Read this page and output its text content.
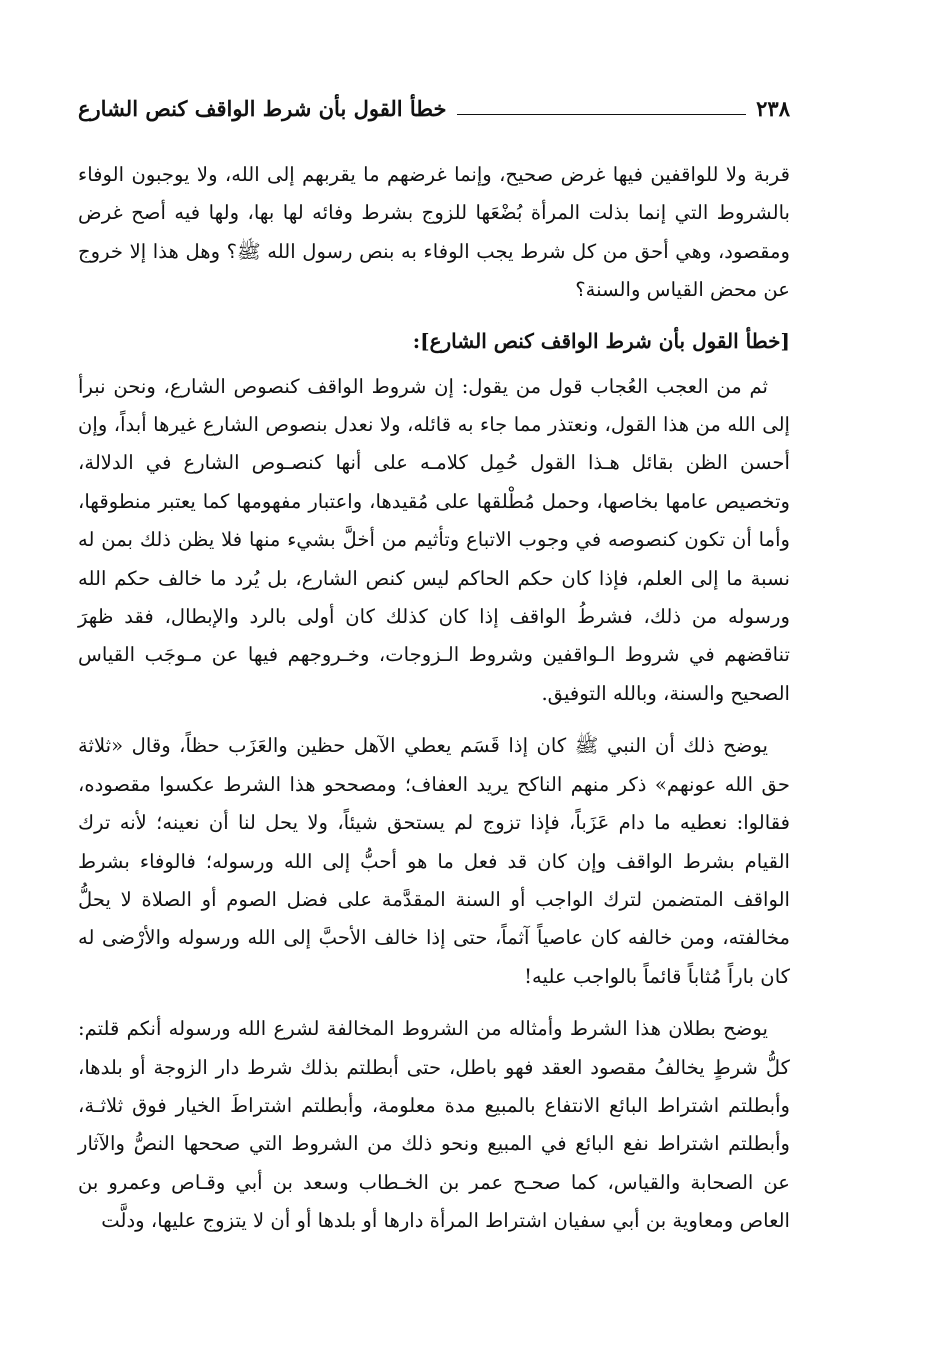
٢٣٨
خطأ القول بأن شرط الواقف كنص الشارع

قربة ولا للواقفين فيها غرض صحيح، وإنما غرضهم ما يقربهم إلى الله، ولا يوجبون الوفاء بالشروط التي إنما بذلت المرأة بُضْعَها للزوج بشرط وفائه لها بها، ولها فيه أصح غرض ومقصود، وهي أحق من كل شرط يجب الوفاء به بنص رسول الله ﷺ؟ وهل هذا إلا خروج عن محض القياس والسنة؟

[خطأ القول بأن شرط الواقف كنص الشارع]:

ثم من العجب العُجاب قول من يقول: إن شروط الواقف كنصوص الشارع، ونحن نبرأ إلى الله من هذا القول، ونعتذر مما جاء به قائله، ولا نعدل بنصوص الشارع غيرها أبداً، وإن أحسن الظن بقائل هـذا القول حُمِل كلامـه على أنها كنصـوص الشارع في الدلالة، وتخصيص عامها بخاصها، وحمل مُطْلقها على مُقيدها، واعتبار مفهومها كما يعتبر منطوقها، وأما أن تكون كنصوصه في وجوب الاتباع وتأثيم من أخلَّ بشيء منها فلا يظن ذلك بمن له نسبة ما إلى العلم، فإذا كان حكم الحاكم ليس كنص الشارع، بل يُرد ما خالف حكم الله ورسوله من ذلك، فشرطُ الواقف إذا كان كذلك كان أولى بالرد والإبطال، فقد ظهرَ تناقضهم في شروط الـواقفين وشروط الـزوجات، وخـروجهم فيها عن مـوجَب القياس الصحيح والسنة، وبالله التوفيق.

يوضح ذلك أن النبي ﷺ كان إذا قَسَم يعطي الآهل حظين والعَزَب حظاً، وقال «ثلاثة حق الله عونهم» ذكر منهم الناكح يريد العفاف؛ ومصححو هذا الشرط عكسوا مقصوده، فقالوا: نعطيه ما دام عَزَباً، فإذا تزوج لم يستحق شيئاً، ولا يحل لنا أن نعينه؛ لأنه ترك القيام بشرط الواقف وإن كان قد فعل ما هو أحبُّ إلى الله ورسوله؛ فالوفاء بشرط الواقف المتضمن لترك الواجب أو السنة المقدَّمة على فضل الصوم أو الصلاة لا يحلُّ مخالفته، ومن خالفه كان عاصياً آثماً، حتى إذا خالف الأحبَّ إلى الله ورسوله والأرْضى له كان باراً مُثاباً قائماً بالواجب عليه!

يوضح بطلان هذا الشرط وأمثاله من الشروط المخالفة لشرع الله ورسوله أنكم قلتم: كلُّ شرطٍ يخالفُ مقصود العقد فهو باطل، حتى أبطلتم بذلك شرط دار الزوجة أو بلدها، وأبطلتم اشتراط البائع الانتفاع بالمبيع مدة معلومة، وأبطلتم اشتراطَ الخيار فوق ثلاثـة، وأبطلتم اشتراط نفع البائع في المبيع ونحو ذلك من الشروط التي صححها النصُّ والآثار عن الصحابة والقياس، كما صحـح عمر بن الخـطاب وسعد بن أبي وقـاص وعمرو بن العاص ومعاوية بن أبي سفيان اشتراط المرأة دارها أو بلدها أو أن لا يتزوج عليها، ودلَّت
